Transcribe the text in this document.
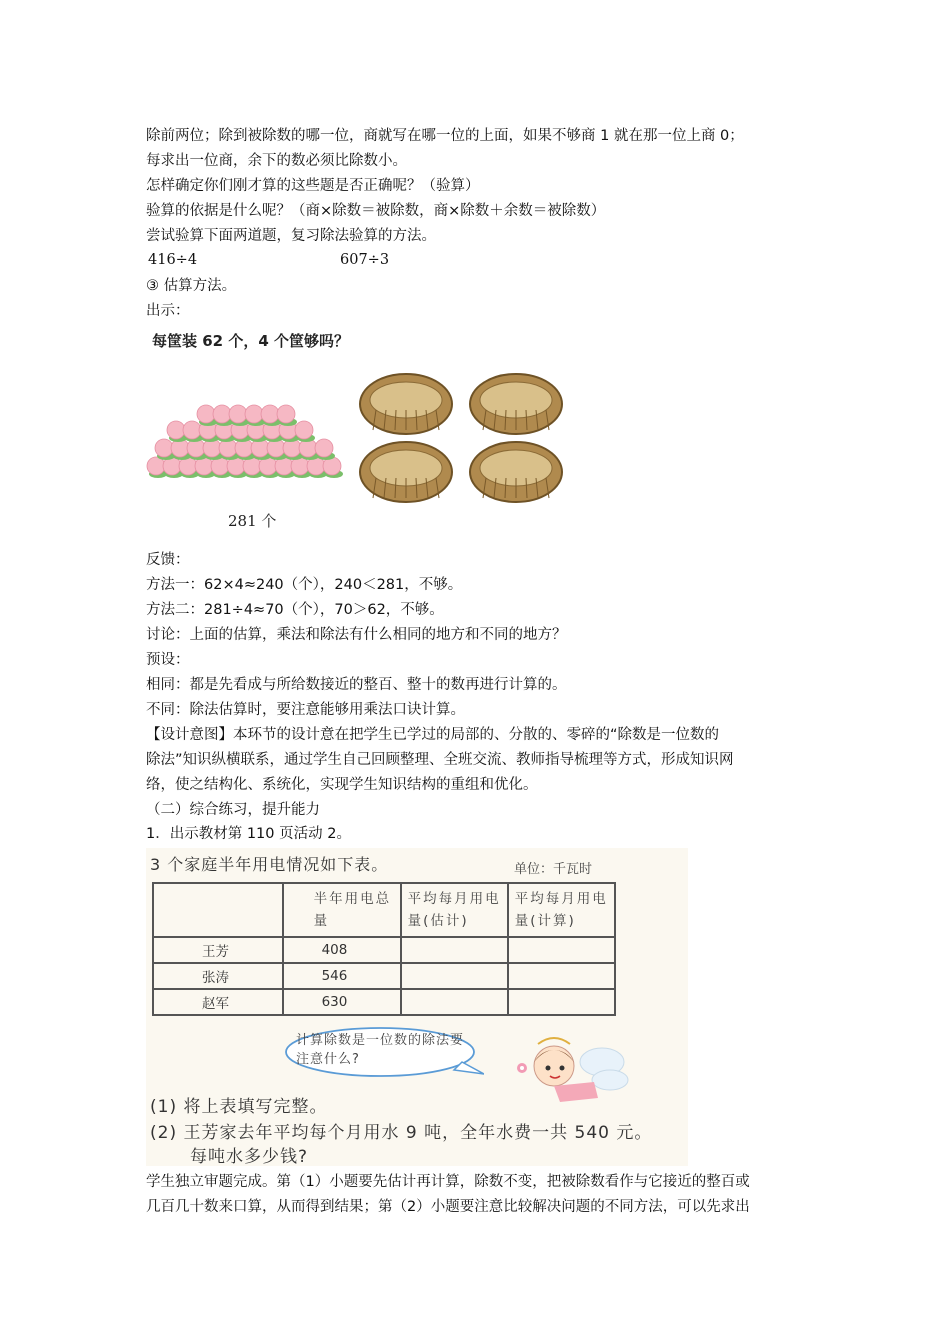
除前两位；除到被除数的哪一位，商就写在哪一位的上面，如果不够商 1 就在那一位上商 0；
每求出一位商，余下的数必须比除数小。
怎样确定你们刚才算的这些题是否正确呢？（验算）
验算的依据是什么呢？（商×除数＝被除数，商×除数＋余数＝被除数）
尝试验算下面两道题，复习除法验算的方法。
416÷4	607÷3
③ 估算方法。
出示：
每筐装 62 个，4 个筐够吗？
281 个
反馈：
方法一：62×4≈240（个），240＜281，不够。
方法二：281÷4≈70（个），70＞62，不够。
讨论：上面的估算，乘法和除法有什么相同的地方和不同的地方？
预设：
相同：都是先看成与所给数接近的整百、整十的数再进行计算的。
不同：除法估算时，要注意能够用乘法口诀计算。
【设计意图】本环节的设计意在把学生已学过的局部的、分散的、零碎的“除数是一位数的
除法”知识纵横联系，通过学生自己回顾整理、全班交流、教师指导梳理等方式，形成知识网
络，使之结构化、系统化，实现学生知识结构的重组和优化。
（二）综合练习，提升能力
1．出示教材第 110 页活动 2。
3 个家庭半年用电情况如下表。	单位：千瓦时

	半年用电总量	平均每月用电量(估计)	平均每月用电量(计算)

王芳	408		
张涛	546		
赵军	630		
计算除数是一位数的除法要注意什么?
(1) 将上表填写完整。
(2) 王芳家去年平均每个月用水 9 吨，全年水费一共 540 元。
每吨水多少钱?
学生独立审题完成。第（1）小题要先估计再计算，除数不变，把被除数看作与它接近的整百或
几百几十数来口算，从而得到结果；第（2）小题要注意比较解决问题的不同方法，可以先求出
